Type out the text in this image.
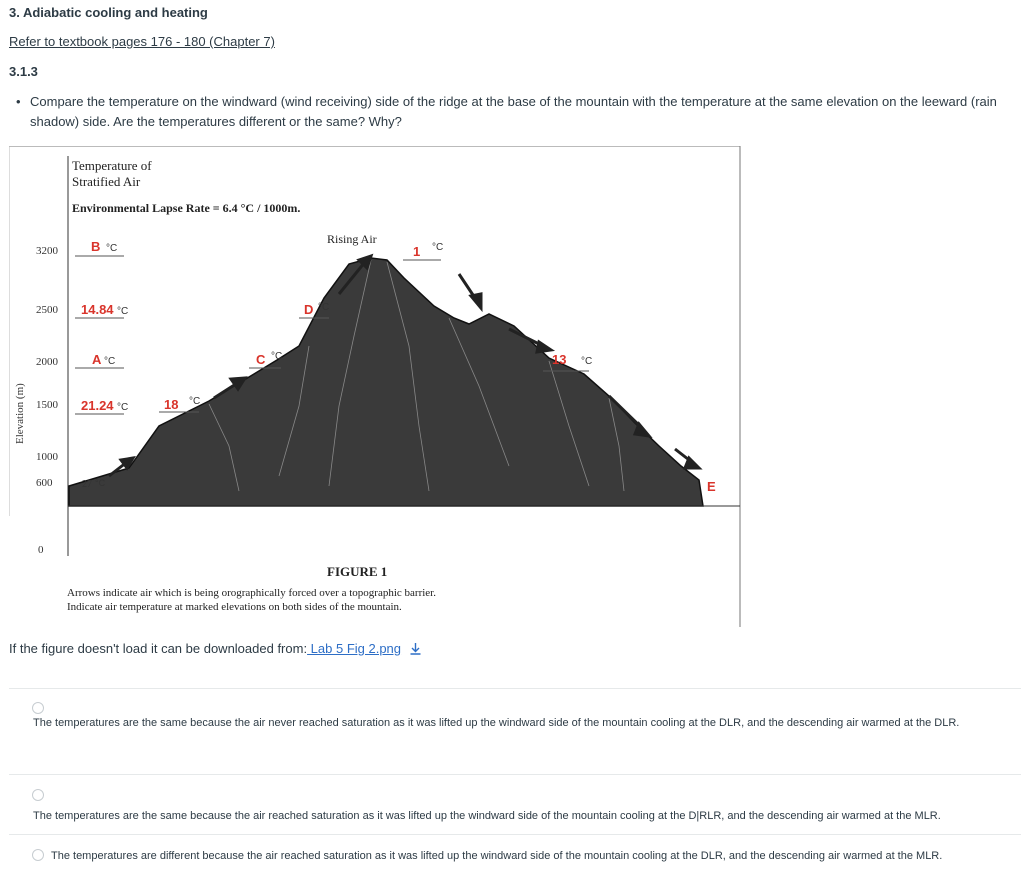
3. Adiabatic cooling and heating
Refer to textbook pages 176 - 180 (Chapter 7)
3.1.3
• Compare the temperature on the windward (wind receiving) side of the ridge at the base of the mountain with the temperature at the same elevation on the leeward (rain shadow) side. Are the temperatures different or the same? Why?
3200
2500
2000
1500
1000
600
0
Elevation (m)
Temperature of
Stratified Air
Environmental Lapse Rate = 6.4 °C / 1000m.
Rising Air
B
14.84
A
21.24	18
C
D
1
13
E
°C
°C
°C
°C
°C
°C
°C
°C
°C
27 °C
FIGURE 1
Arrows indicate air which is being orographically forced over a topographic barrier.
Indicate air temperature at marked elevations on both sides of the mountain.
If the figure doesn't load it can be downloaded from: Lab 5 Fig 2.png
The temperatures are the same because the air never reached saturation as it was lifted up the windward side of the mountain cooling at the DLR, and the descending air warmed at the DLR.
The temperatures are the same because the air reached saturation as it was lifted up the windward side of the mountain cooling at the D|RLR, and the descending air warmed at the MLR.
The temperatures are different because the air reached saturation as it was lifted up the windward side of the mountain cooling at the DLR, and the descending air warmed at the MLR.
